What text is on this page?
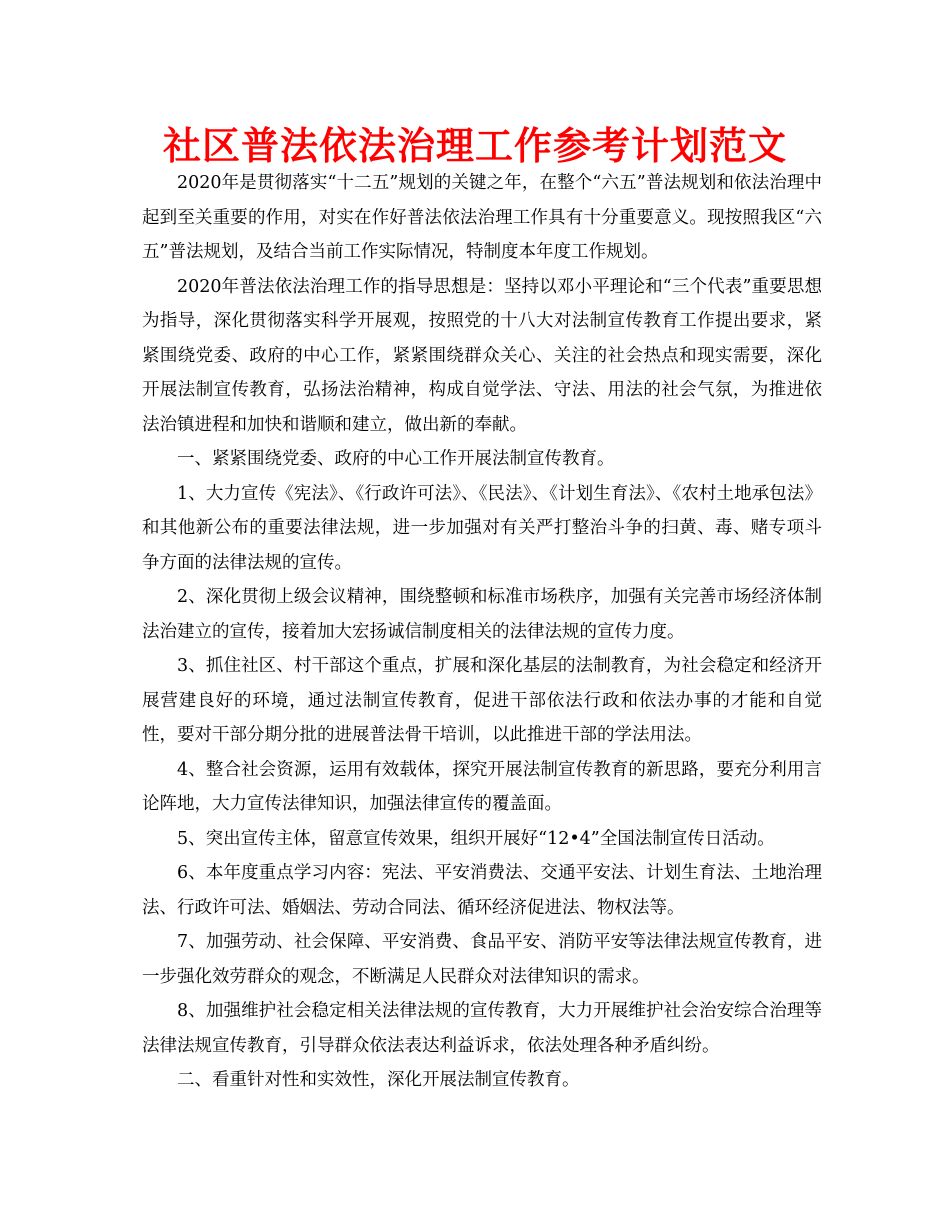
社区普法依法治理工作参考计划范文

2020年是贯彻落实“十二五”规划的关键之年，在整个“六五”普法规划和依法治理中起到至关重要的作用，对实在作好普法依法治理工作具有十分重要意义。现按照我区“六五”普法规划，及结合当前工作实际情况，特制度本年度工作规划。

2020年普法依法治理工作的指导思想是：坚持以邓小平理论和“三个代表”重要思想为指导，深化贯彻落实科学开展观，按照党的十八大对法制宣传教育工作提出要求，紧紧围绕党委、政府的中心工作，紧紧围绕群众关心、关注的社会热点和现实需要，深化开展法制宣传教育，弘扬法治精神，构成自觉学法、守法、用法的社会气氛，为推进依法治镇进程和加快和谐顺和建立，做出新的奉献。

一、紧紧围绕党委、政府的中心工作开展法制宣传教育。

1、大力宣传《宪法》、《行政许可法》、《民法》、《计划生育法》、《农村土地承包法》和其他新公布的重要法律法规，进一步加强对有关严打整治斗争的扫黄、毒、赌专项斗争方面的法律法规的宣传。

2、深化贯彻上级会议精神，围绕整顿和标准市场秩序，加强有关完善市场经济体制法治建立的宣传，接着加大宏扬诚信制度相关的法律法规的宣传力度。

3、抓住社区、村干部这个重点，扩展和深化基层的法制教育，为社会稳定和经济开展营建良好的环境，通过法制宣传教育，促进干部依法行政和依法办事的才能和自觉性，要对干部分期分批的进展普法骨干培训，以此推进干部的学法用法。

4、整合社会资源，运用有效载体，探究开展法制宣传教育的新思路，要充分利用言论阵地，大力宣传法律知识，加强法律宣传的覆盖面。

5、突出宣传主体，留意宣传效果，组织开展好“12•4”全国法制宣传日活动。

6、本年度重点学习内容：宪法、平安消费法、交通平安法、计划生育法、土地治理法、行政许可法、婚姻法、劳动合同法、循环经济促进法、物权法等。

7、加强劳动、社会保障、平安消费、食品平安、消防平安等法律法规宣传教育，进一步强化效劳群众的观念，不断满足人民群众对法律知识的需求。

8、加强维护社会稳定相关法律法规的宣传教育，大力开展维护社会治安综合治理等法律法规宣传教育，引导群众依法表达利益诉求，依法处理各种矛盾纠纷。

二、看重针对性和实效性，深化开展法制宣传教育。
